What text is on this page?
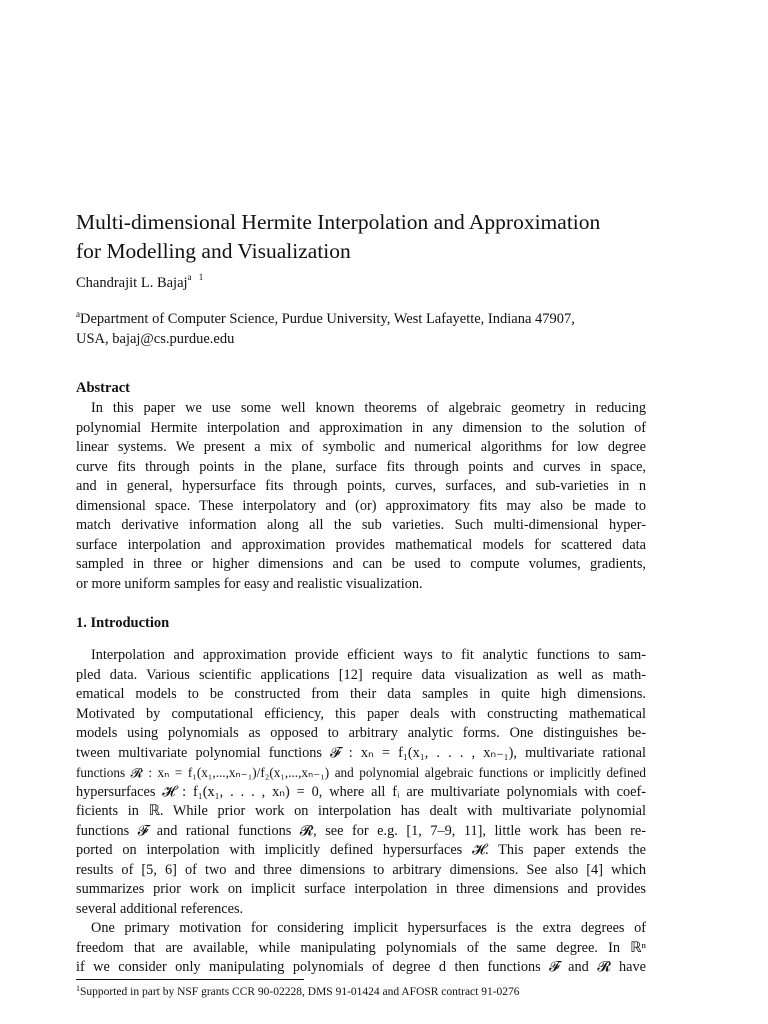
Multi-dimensional Hermite Interpolation and Approximation
for Modelling and Visualization
Chandrajit L. Bajaj$^a$ $^1$
$^a$Department of Computer Science, Purdue University, West Lafayette, Indiana 47907,
USA, bajaj@cs.purdue.edu
Abstract
In this paper we use some well known theorems of algebraic geometry in reducing
polynomial Hermite interpolation and approximation in any dimension to the solution of
linear systems. We present a mix of symbolic and numerical algorithms for low degree
curve fits through points in the plane, surface fits through points and curves in space,
and in general, hypersurface fits through points, curves, surfaces, and sub-varieties in n
dimensional space. These interpolatory and (or) approximatory fits may also be made to
match derivative information along all the sub varieties. Such multi-dimensional hyper-
surface interpolation and approximation provides mathematical models for scattered data
sampled in three or higher dimensions and can be used to compute volumes, gradients,
or more uniform samples for easy and realistic visualization.
1. Introduction
Interpolation and approximation provide efficient ways to fit analytic functions to sam-
pled data. Various scientific applications [12] require data visualization as well as math-
ematical models to be constructed from their data samples in quite high dimensions.
Motivated by computational efficiency, this paper deals with constructing mathematical
models using polynomials as opposed to arbitrary analytic forms. One distinguishes be-
tween multivariate polynomial functions 𝓕 : xₙ = f₁(x₁, . . . , xₙ₋₁), multivariate rational
functions 𝓡 : xₙ = f₁(x₁,...,xₙ₋₁)/f₂(x₁,...,xₙ₋₁) and polynomial algebraic functions or implicitly defined
hypersurfaces 𝓗 : f₁(x₁, . . . , xₙ) = 0, where all fᵢ are multivariate polynomials with coef-
ficients in ℝ. While prior work on interpolation has dealt with multivariate polynomial
functions 𝓕 and rational functions 𝓡, see for e.g. [1, 7–9, 11], little work has been re-
ported on interpolation with implicitly defined hypersurfaces 𝓗. This paper extends the
results of [5, 6] of two and three dimensions to arbitrary dimensions. See also [4] which
summarizes prior work on implicit surface interpolation in three dimensions and provides
several additional references.
One primary motivation for considering implicit hypersurfaces is the extra degrees of
freedom that are available, while manipulating polynomials of the same degree. In ℝⁿ
if we consider only manipulating polynomials of degree d then functions 𝓕 and 𝓡 have
$^1$Supported in part by NSF grants CCR 90-02228, DMS 91-01424 and AFOSR contract 91-0276
